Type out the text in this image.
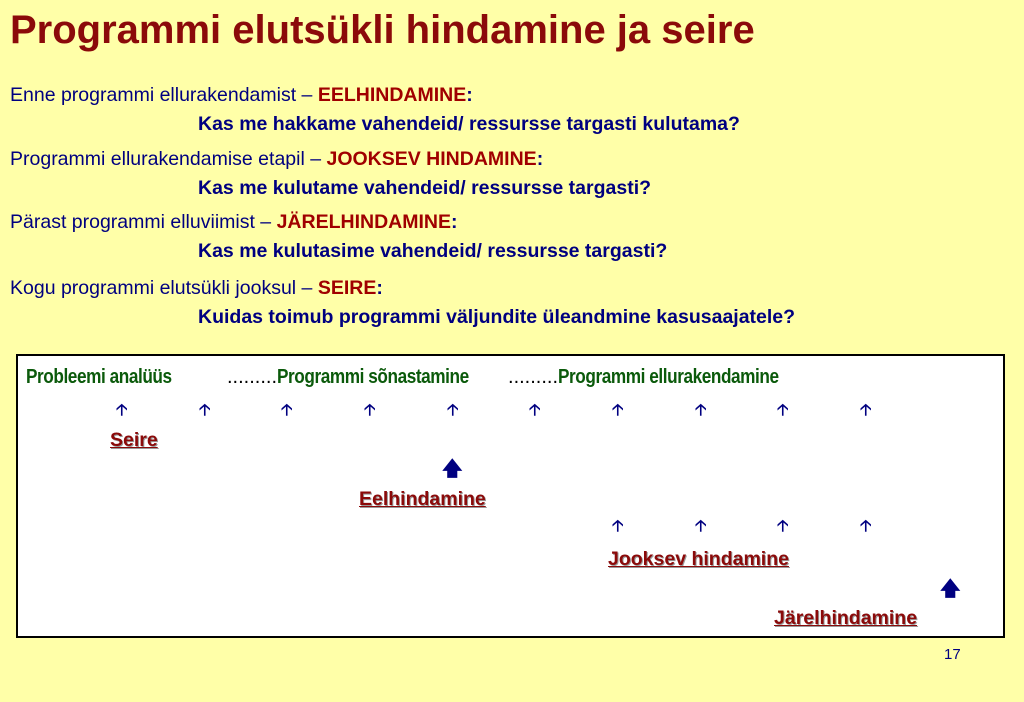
Programmi elutsükli hindamine ja seire
Enne programmi ellurakendamist – EELHINDAMINE:
Kas me hakkame vahendeid/ ressursse targasti kulutama?
Programmi ellurakendamise etapil – JOOKSEV HINDAMINE:
Kas me kulutame vahendeid/ ressursse targasti?
Pärast programmi elluviimist – JÄRELHINDAMINE:
Kas me kulutasime vahendeid/ ressursse targasti?
Kogu programmi elutsükli jooksul – SEIRE:
Kuidas toimub programmi väljundite üleandmine kasusaajatele?
Probleemi analüüs	.........Programmi sõnastamine .........Programmi ellurakendamine
🡡	🡡	🡡	🡡	🡡	🡡	🡡	🡡	🡡	🡡
Seire
🡅
Eelhindamine
🡡	🡡	🡡	🡡
Jooksev hindamine
🡅
Järelhindamine
17
